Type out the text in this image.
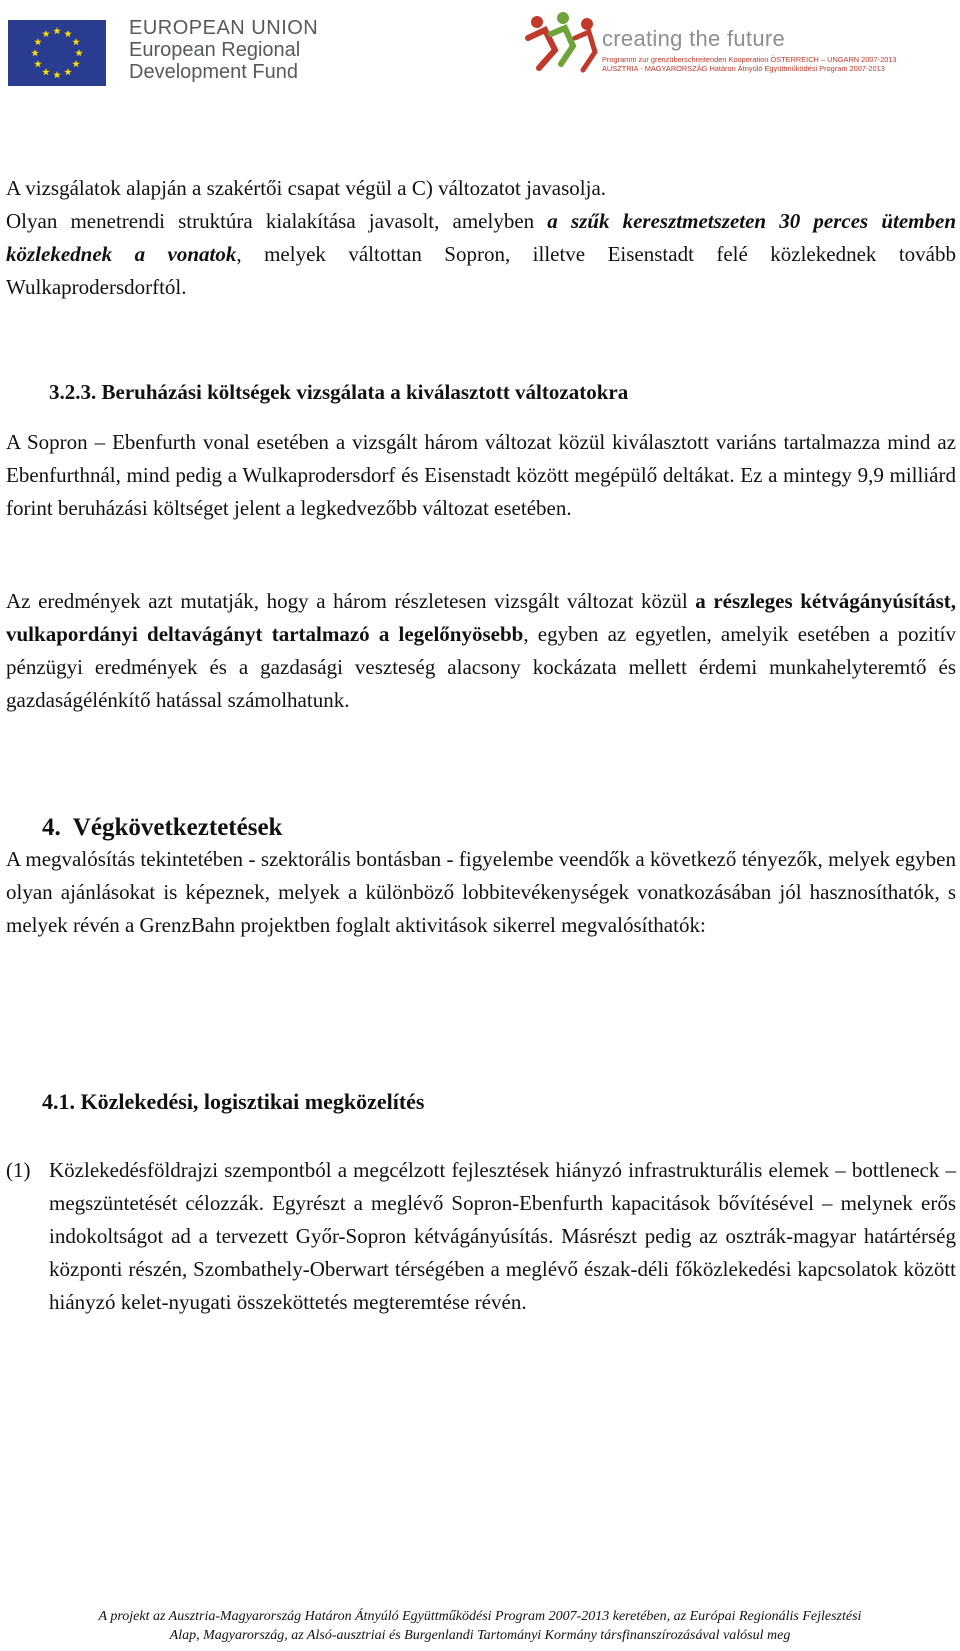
EUROPEAN UNION
European Regional
Development Fund
creating the future
Programm zur grenzüberschreitenden Kooperation ÖSTERREICH – UNGARN 2007-2013
AUSZTRIA - MAGYARORSZÁG Határon Átnyúló Együttműködési Program 2007-2013

A vizsgálatok alapján a szakértői csapat végül a C) változatot javasolja.

Olyan menetrendi struktúra kialakítása javasolt, amelyben a szűk keresztmetszeten 30 perces ütemben közlekednek a vonatok, melyek váltottan Sopron, illetve Eisenstadt felé közlekednek tovább Wulkaprodersdorftól.

3.2.3. Beruházási költségek vizsgálata a kiválasztott változatokra

A Sopron – Ebenfurth vonal esetében a vizsgált három változat közül kiválasztott variáns tartalmazza mind az Ebenfurthnál, mind pedig a Wulkaprodersdorf és Eisenstadt között megépülő deltákat. Ez a mintegy 9,9 milliárd forint beruházási költséget jelent a legkedvezőbb változat esetében.

Az eredmények azt mutatják, hogy a három részletesen vizsgált változat közül a részleges kétvágányúsítást, vulkapordányi deltavágányt tartalmazó a legelőnyösebb, egyben az egyetlen, amelyik esetében a pozitív pénzügyi eredmények és a gazdasági veszteség alacsony kockázata mellett érdemi munkahelyteremtő és gazdaságélénkítő hatással számolhatunk.

4.  Végkövetkeztetések

A megvalósítás tekintetében - szektorális bontásban - figyelembe veendők a következő tényezők, melyek egyben olyan ajánlásokat is képeznek, melyek a különböző lobbitevékenységek vonatkozásában jól hasznosíthatók, s melyek révén a GrenzBahn projektben foglalt aktivitások sikerrel megvalósíthatók:

4.1. Közlekedési, logisztikai megközelítés
(1) Közlekedésföldrajzi szempontból a megcélzott fejlesztések hiányzó infrastrukturális elemek – bottleneck – megszüntetését célozzák. Egyrészt a meglévő Sopron-Ebenfurth kapacitások bővítésével – melynek erős indokoltságot ad a tervezett Győr-Sopron kétvágányúsítás. Másrészt pedig az osztrák-magyar határtérség központi részén, Szombathely-Oberwart térségében a meglévő észak-déli főközlekedési kapcsolatok között hiányzó kelet-nyugati összeköttetés megteremtése révén.
A projekt az Ausztria-Magyarország Határon Átnyúló Együttműködési Program 2007-2013 keretében, az Európai Regionális Fejlesztési
Alap, Magyarország, az Alsó-ausztriai és Burgenlandi Tartományi Kormány társfinanszírozásával valósul meg
